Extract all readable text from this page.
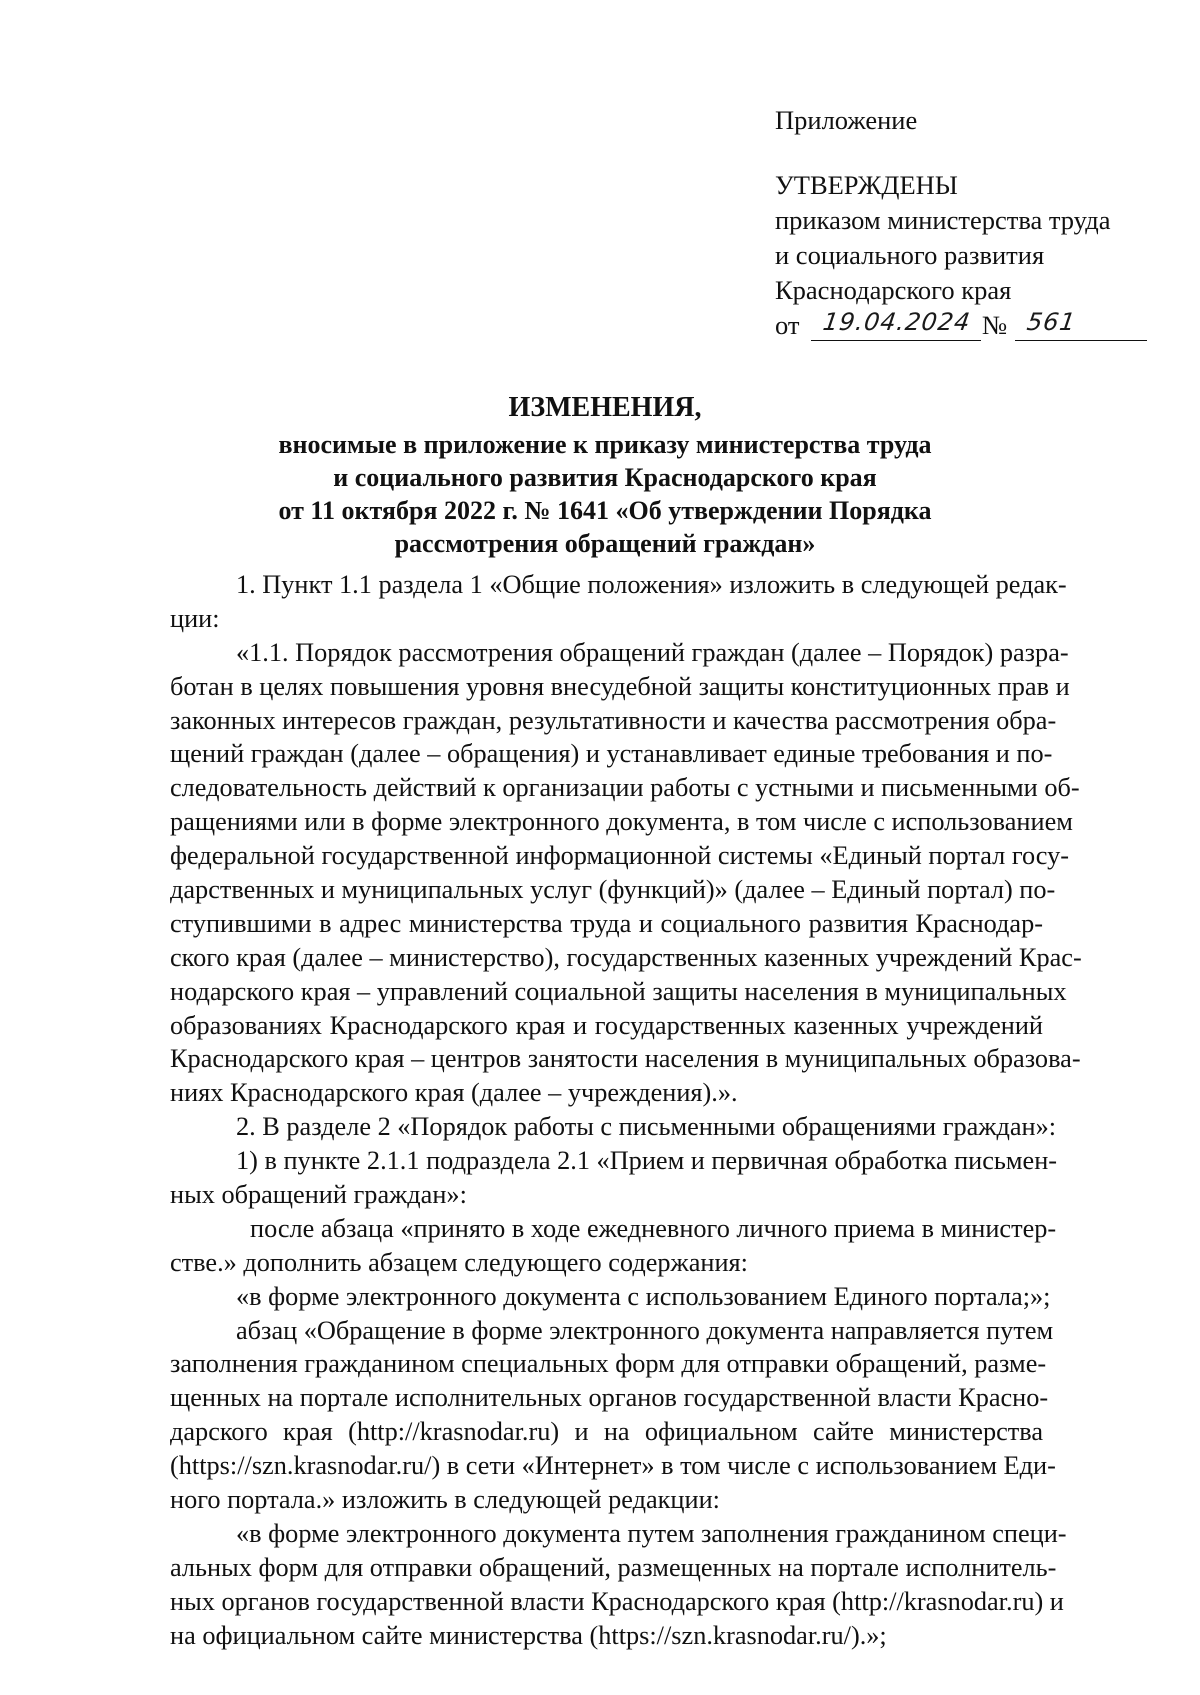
Приложение

УТВЕРЖДЕНЫ

приказом министерства труда

и социального развития

Краснодарского края

от 19.04.2024 № 561

ИЗМЕНЕНИЯ,

вносимые в приложение к приказу министерства труда

и социального развития Краснодарского края

от 11 октября 2022 г. № 1641 «Об утверждении Порядка

рассмотрения обращений граждан»

1. Пункт 1.1 раздела 1 «Общие положения» изложить в следующей редак-
ции:
«1.1. Порядок рассмотрения обращений граждан (далее – Порядок) разра-
ботан в целях повышения уровня внесудебной защиты конституционных прав и
законных интересов граждан, результативности и качества рассмотрения обра-
щений граждан (далее – обращения) и устанавливает единые требования и по-
следовательность действий к организации работы с устными и письменными об-
ращениями или в форме электронного документа, в том числе с использованием
федеральной государственной информационной системы «Единый портал госу-
дарственных и муниципальных услуг (функций)» (далее – Единый портал) по-
ступившими в адрес министерства труда и социального развития Краснодар-
ского края (далее – министерство), государственных казенных учреждений Крас-
нодарского края – управлений социальной защиты населения в муниципальных
образованиях Краснодарского края и государственных казенных учреждений
Краснодарского края – центров занятости населения в муниципальных образова-
ниях Краснодарского края (далее – учреждения).».
2. В разделе 2 «Порядок работы с письменными обращениями граждан»:
1) в пункте 2.1.1 подраздела 2.1 «Прием и первичная обработка письмен-
ных обращений граждан»:
после абзаца «принято в ходе ежедневного личного приема в министер-
стве.» дополнить абзацем следующего содержания:
«в форме электронного документа с использованием Единого портала;»;
абзац «Обращение в форме электронного документа направляется путем
заполнения гражданином специальных форм для отправки обращений, разме-
щенных на портале исполнительных органов государственной власти Красно-
дарского края (http://krasnodar.ru) и на официальном сайте министерства
(https://szn.krasnodar.ru/) в сети «Интернет» в том числе с использованием Еди-
ного портала.» изложить в следующей редакции:
«в форме электронного документа путем заполнения гражданином специ-
альных форм для отправки обращений, размещенных на портале исполнитель-
ных органов государственной власти Краснодарского края (http://krasnodar.ru) и
на официальном сайте министерства (https://szn.krasnodar.ru/).»;
